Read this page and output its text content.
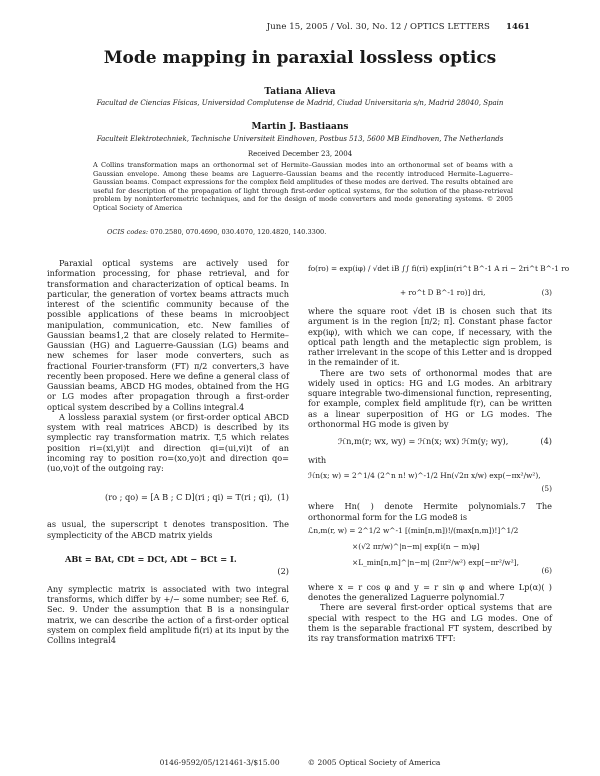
June 15, 2005 / Vol. 30, No. 12 / OPTICS LETTERS 1461
Mode mapping in paraxial lossless optics
Tatiana Alieva
Facultad de Ciencias Físicas, Universidad Complutense de Madrid, Ciudad Universitaria s/n, Madrid 28040, Spain
Martin J. Bastiaans
Faculteit Elektrotechniek, Technische Universiteit Eindhoven, Postbus 513, 5600 MB Eindhoven, The Netherlands
Received December 23, 2004
A Collins transformation maps an orthonormal set of Hermite–Gaussian modes into an orthonormal set of beams with a Gaussian envelope. Among these beams are Laguerre–Gaussian beams and the recently introduced Hermite–Laguerre–Gaussian beams. Compact expressions for the complex field amplitudes of these modes are derived. The results obtained are useful for description of the propagation of light through first-order optical systems, for the solution of the phase-retrieval problem by noninterferometric techniques, and for the design of mode converters and mode generating systems. © 2005 Optical Society of America
OCIS codes: 070.2580, 070.4690, 030.4070, 120.4820, 140.3300.

Paraxial optical systems are actively used for information processing, for phase retrieval, and for transformation and characterization of optical beams. In particular, the generation of vortex beams attracts much interest of the scientific community because of the possible applications of these beams in microobject manipulation, communication, etc. New families of Gaussian beams1,2 that are closely related to Hermite–Gaussian (HG) and Laguerre-Gaussian (LG) beams and new schemes for laser mode converters, such as fractional Fourier-transform (FT) π/2 converters,3 have recently been proposed. Here we define a general class of Gaussian beams, ABCD HG modes, obtained from the HG or LG modes after propagation through a first-order optical system described by a Collins integral.4

A lossless paraxial system (or first-order optical ABCD system with real matrices ABCD) is described by its symplectic ray transformation matrix. T,5 which relates position ri=(xi,yi)t and direction qi=(ui,vi)t of an incoming ray to position ro=(xo,yo)t and direction qo=(uo,vo)t of the outgoing ray:

(ro ; qo) = [A B ; C D](ri ; qi) = T(ri ; qi), (1)

as usual, the superscript t denotes transposition. The symplecticity of the ABCD matrix yields

ABt = BAt, CDt = DCt, ADt − BCt = I.
(2)

Any symplectic matrix is associated with two integral transforms, which differ by +/− some number; see Ref. 6, Sec. 9. Under the assumption that B is a nonsingular matrix, we can describe the action of a first-order optical system on complex field amplitude fi(ri) at its input by the Collins integral4

fo(ro) = exp(iφ) / √det iB ∫∫ fi(ri) exp[iπ(ri^t B^-1 A ri − 2ri^t B^-1 ro
+ ro^t D B^-1 ro)] dri,	(3)

where the square root √det iB is chosen such that its argument is in the region [π/2; π]. Constant phase factor exp(iφ), with which we can cope, if necessary, with the optical path length and the metaplectic sign problem, is rather irrelevant in the scope of this Letter and is dropped in the remainder of it.

There are two sets of orthonormal modes that are widely used in optics: HG and LG modes. An arbitrary square integrable two-dimensional function, representing, for example, complex field amplitude f(r), can be written as a linear superposition of HG or LG modes. The orthonormal HG mode is given by

ℋn,m(r; wx, wy) = ℋn(x; wx) ℋm(y; wy),	(4)

with

ℋn(x; w) = 2^1/4 (2^n n! w)^-1/2 Hn(√2π x/w) exp(−πx²/w²),
(5)

where Hn( ) denote Hermite polynomials.7 The orthonormal form for the LG mode8 is

ℒn,m(r, w) = 2^1/2 w^-1 [(min[n,m])!/(max[n,m])!]^1/2
×(√2 πr/w)^|n−m| exp[i(n − m)φ]
×L_min[n,m]^|n−m| (2πr²/w²) exp[−πr²/w²],
(6)

where x = r cos φ and y = r sin φ and where Lp(α)( ) denotes the generalized Laguerre polynomial.7

There are several first-order optical systems that are special with respect to the HG and LG modes. One of them is the separable fractional FT system, described by its ray transformation matrix6 TFT:

0146-9592/05/121461-3/$15.00	© 2005 Optical Society of America
